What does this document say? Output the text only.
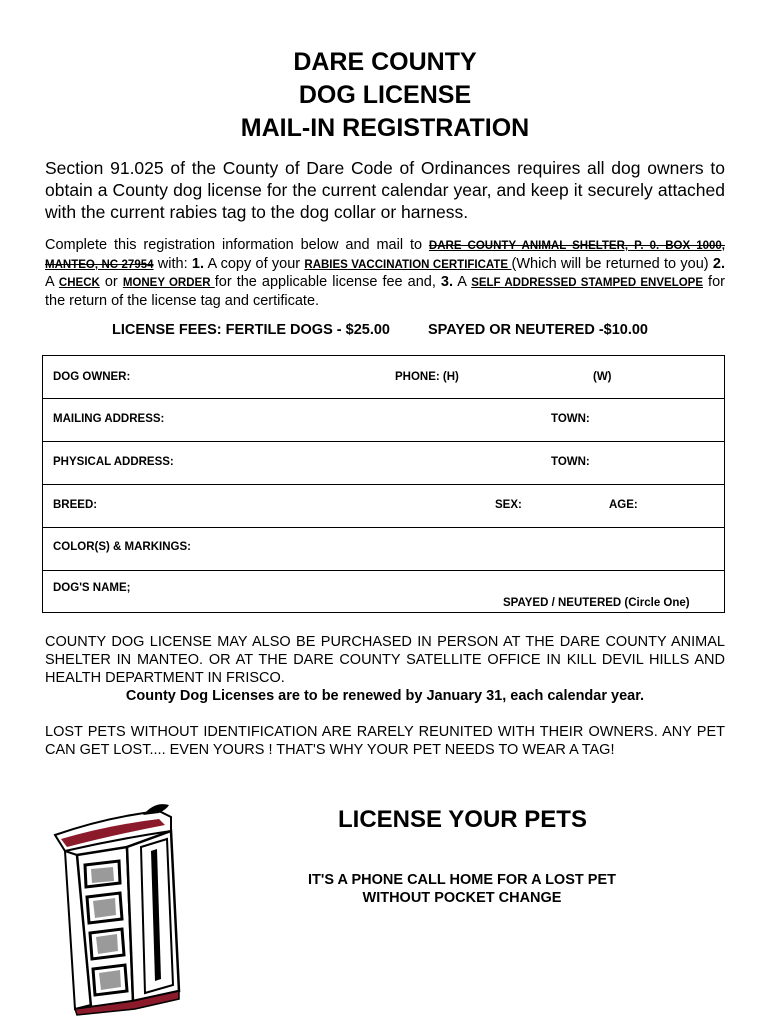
DARE COUNTY
DOG LICENSE
MAIL-IN REGISTRATION
Section 91.025 of the County of Dare Code of Ordinances requires all dog owners to obtain a County dog license for the current calendar year, and keep it securely attached with the current rabies tag to the dog collar or harness.
Complete this registration information below and mail to DARE COUNTY ANIMAL SHELTER, P. 0. BOX 1000, MANTEO, NC 27954 with: 1. A copy of your RABIES VACCINATION CERTIFICATE (Which will be returned to you) 2. A CHECK or MONEY ORDER for the applicable license fee and, 3. A SELF ADDRESSED STAMPED ENVELOPE for the return of the license tag and certificate.
LICENSE FEES: FERTILE DOGS - $25.00	SPAYED OR NEUTERED -$10.00
DOG OWNER:	PHONE: (H)	(W)
MAILING ADDRESS:	TOWN:
PHYSICAL ADDRESS:	TOWN:
BREED:	SEX:	AGE:
COLOR(S) & MARKINGS:
DOG'S NAME;
SPAYED / NEUTERED (Circle One)
COUNTY DOG LICENSE MAY ALSO BE PURCHASED IN PERSON AT THE DARE COUNTY ANIMAL SHELTER IN MANTEO. OR AT THE DARE COUNTY SATELLITE OFFICE IN KILL DEVIL HILLS AND HEALTH DEPARTMENT IN FRISCO.
County Dog Licenses are to be renewed by January 31, each calendar year.
LOST PETS WITHOUT IDENTIFICATION ARE RARELY REUNITED WITH THEIR OWNERS. ANY PET CAN GET LOST.... EVEN YOURS ! THAT'S WHY YOUR PET NEEDS TO WEAR A TAG!
LICENSE YOUR PETS
IT'S A PHONE CALL HOME FOR A LOST PET
WITHOUT POCKET CHANGE
